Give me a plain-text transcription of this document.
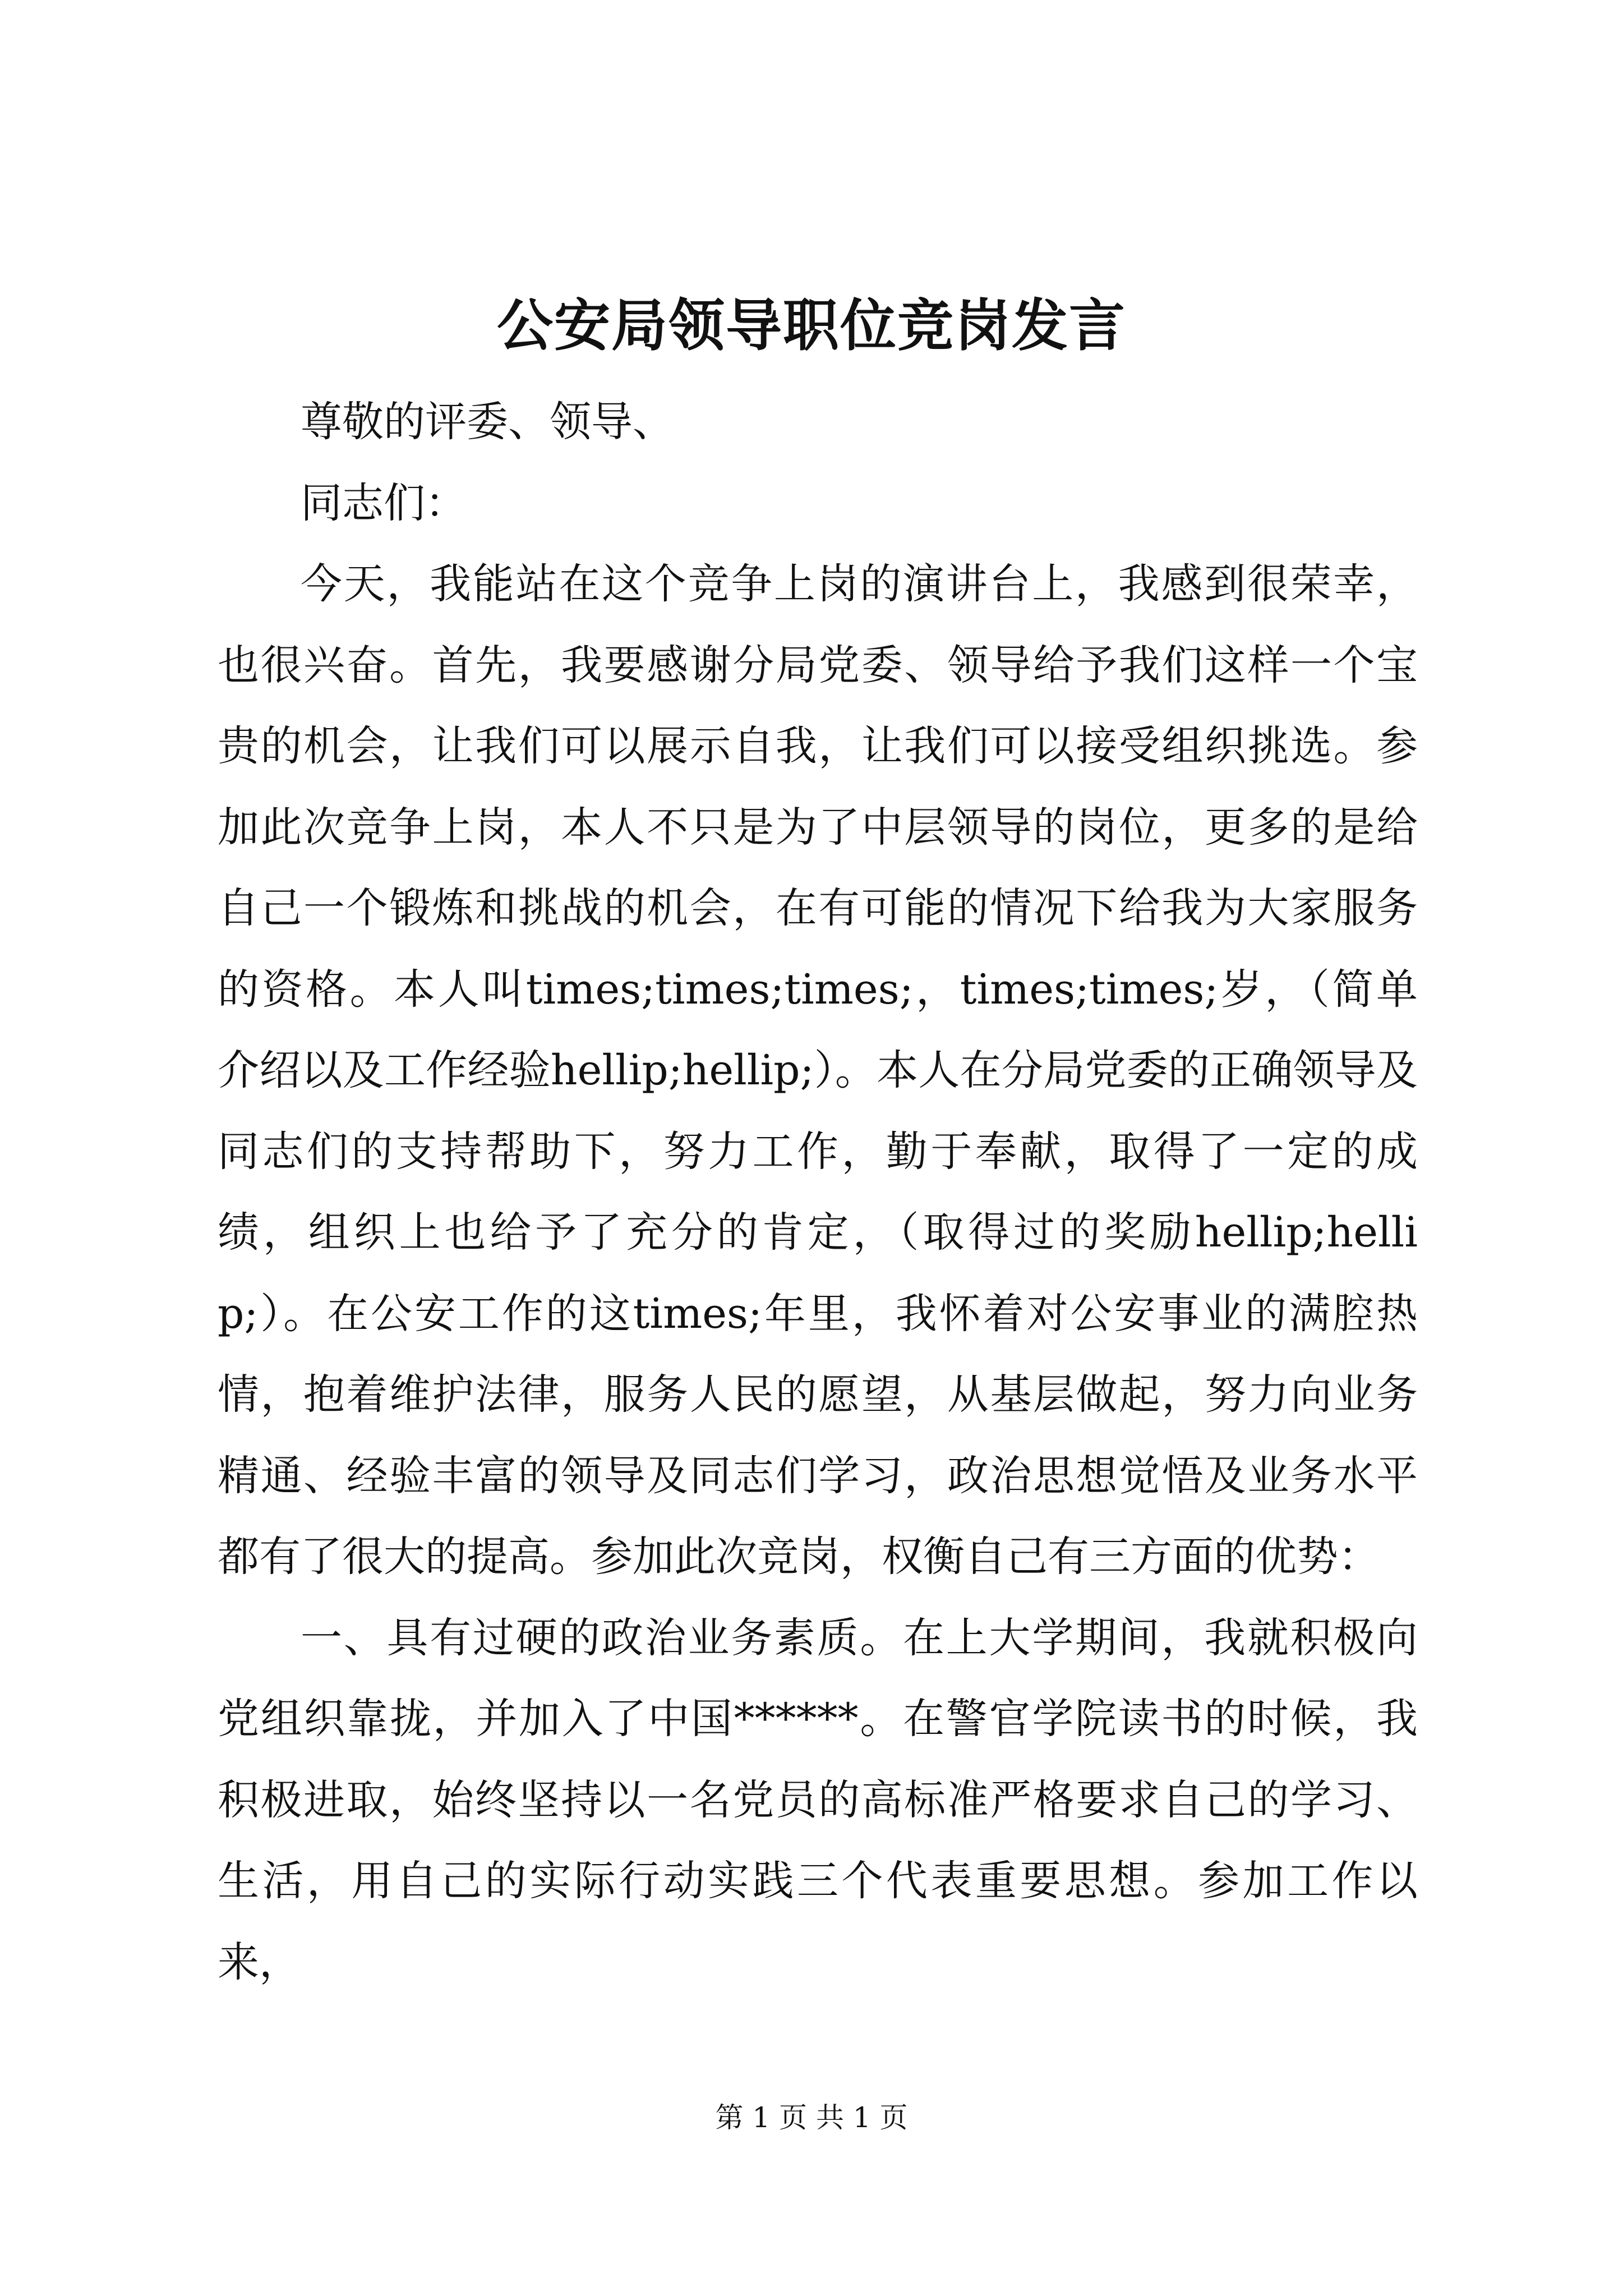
公安局领导职位竞岗发言

尊敬的评委、领导、

同志们：

今天，我能站在这个竞争上岗的演讲台上，我感到很荣幸，也很兴奋。首先，我要感谢分局党委、领导给予我们这样一个宝贵的机会，让我们可以展示自我，让我们可以接受组织挑选。参加此次竞争上岗，本人不只是为了中层领导的岗位，更多的是给自己一个锻炼和挑战的机会，在有可能的情况下给我为大家服务的资格。本人叫times;times;times;，times;times;岁，（简单介绍以及工作经验hellip;hellip;）。本人在分局党委的正确领导及同志们的支持帮助下，努力工作，勤于奉献，取得了一定的成绩，组织上也给予了充分的肯定，（取得过的奖励hellip;hellip;）。在公安工作的这times;年里，我怀着对公安事业的满腔热情，抱着维护法律，服务人民的愿望，从基层做起，努力向业务精通、经验丰富的领导及同志们学习，政治思想觉悟及业务水平都有了很大的提高。参加此次竞岗，权衡自己有三方面的优势：

一、具有过硬的政治业务素质。在上大学期间，我就积极向党组织靠拢，并加入了中国******。在警官学院读书的时候，我积极进取，始终坚持以一名党员的高标准严格要求自己的学习、生活，用自己的实际行动实践三个代表重要思想。参加工作以来，

第 1 页 共 1 页
